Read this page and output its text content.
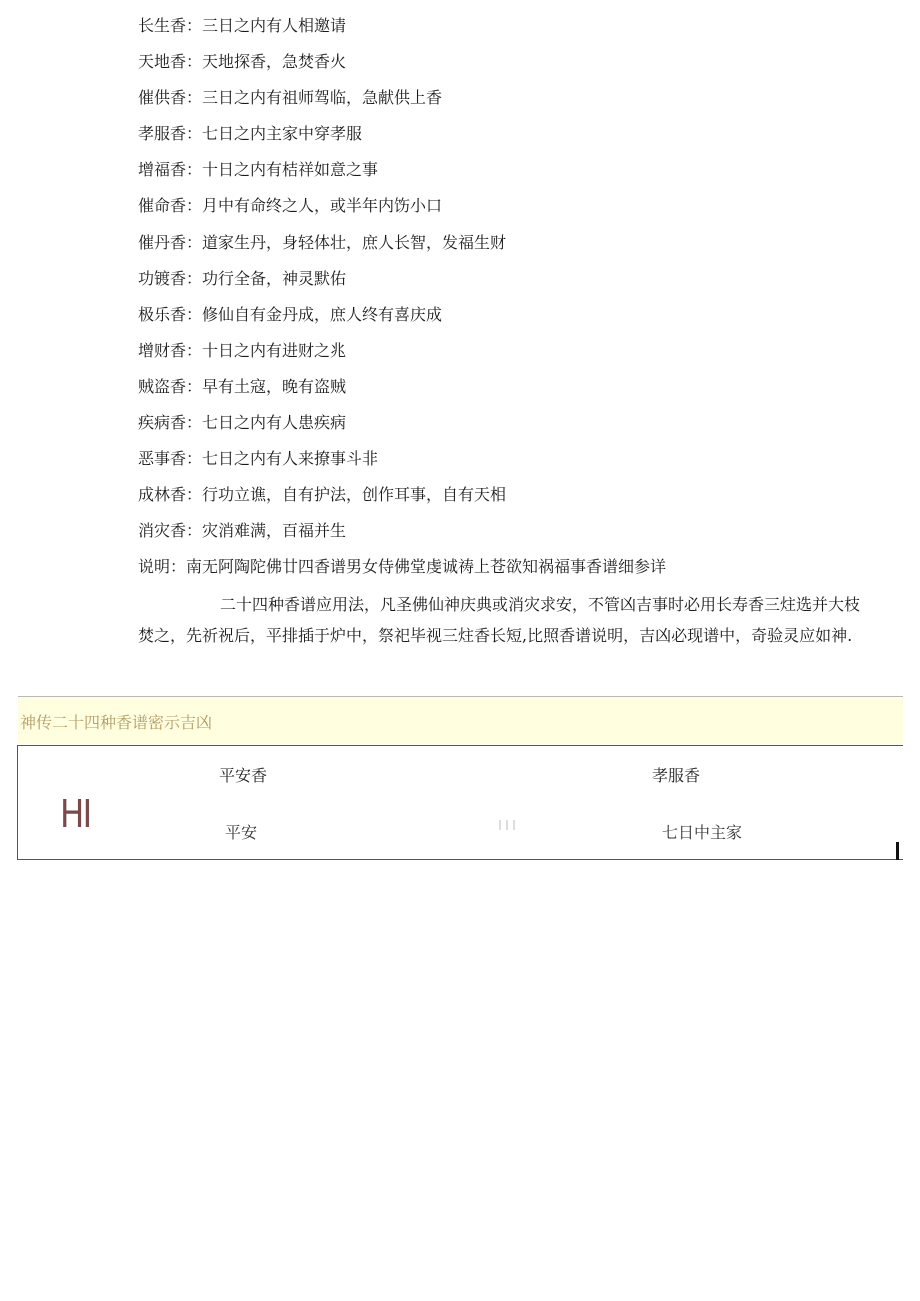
长生香：三日之内有人相邀请
天地香：天地探香，急焚香火
催供香：三日之内有祖师驾临，急献供上香
孝服香：七日之内主家中穿孝服
增福香：十日之内有桔祥如意之事
催命香：月中有命终之人，或半年内饬小口
催丹香：道家生丹，身轻体壮，庶人长智，发福生财
功镀香：功行全备，神灵默佑
极乐香：修仙自有金丹成，庶人终有喜庆成
增财香：十日之内有进财之兆
贼盗香：早有土寇，晚有盗贼
疾病香：七日之内有人患疾病
恶事香：七日之内有人来撩事斗非
成林香：行功立谯，自有护法，创作耳事，自有天相
消灾香：灾消难满，百福并生
说明：南无阿陶陀佛廿四香谱男女侍佛堂虔诚祷上苍欲知祸福事香谱细参详
二十四种香谱应用法，凡圣佛仙神庆典或消灾求安，不管凶吉事时必用长寿香三炷选并大枝
焚之，先祈祝后，平排插于炉中，祭祀毕视三炷香长短,比照香谱说明，吉凶必现谱中，奇验灵应如神.
神传二十四种香谱密示吉凶
HI
平安香
平安
孝服香
七日中主家
